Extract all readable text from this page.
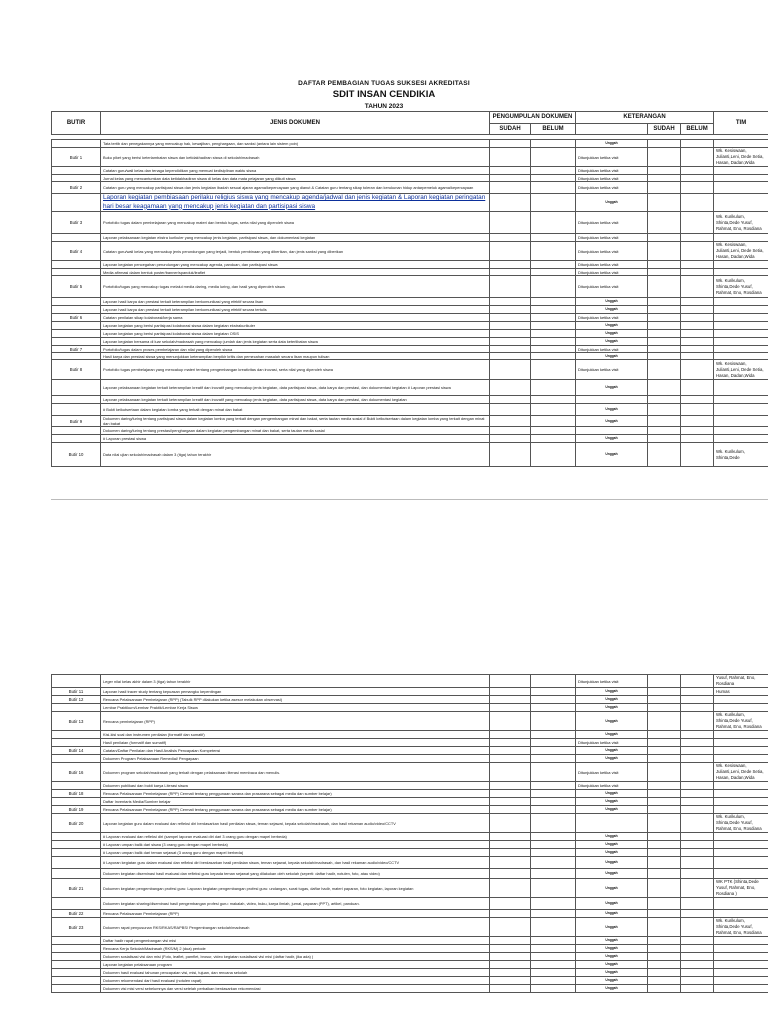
DAFTAR PEMBAGIAN TUGAS SUKSESI AKREDITASI
SDIT INSAN CENDIKIA
TAHUN 2023
BUTIR	JENIS DOKUMEN	PENGUMPULAN DOKUMEN		KETERANGAN			TIM
		SUDAH	BELUM		SUDAH	BELUM	
	Tata tertib dan penegakannya yang mencakup hak, kewajiban, penghargaan, dan sanksi (antara lain sistem poin)			Unggah			
Butir 1	Buku piket yang berisi keterlambatan siswa dan ketidakhadiran siswa di sekolah/madrasah			Ditunjukkan ketika visit			Wk. Kesiswaan, Julianti,Leni, Dede Setia, Hasan, Dadan,Wida
	Catatan guru/wali kelas dan tenaga kependidikan yang memuat kedisiplinan waktu siswa			Ditunjukkan ketika visit			
	Jurnal kelas yang mencantumkan data ketidakhadiran siswa di kelas dan data mata pelajaran yang diikuti siswa			Ditunjukkan ketika visit			
Butir 2	Catatan guru yang mencakup partisipasi siswa dan jenis kegiatan ibadah sesuai ajaran agama/kepercayaan yang dianut & Catatan guru tentang sikap toleran dan kerukunan hidup antarpemeluk agama/kepercayaan			Ditunjukkan ketika visit			
	Laporan kegiatan pembiasaan perilaku religius siswa yang mencakup agenda/jadwal dan jenis kegiatan & Laporan kegiatan peringatan hari besar keagamaan yang mencakup jenis kegiatan dan partisipasi siswa			Unggah			
Butir 3	Portofolio tugas dalam pembelajaran yang mencakup materi dan bentuk tugas, serta nilai yang diperoleh siswa			Ditunjukkan ketika visit			Wk. Kurikulum, Shinta,Dede Yusuf, Rahmat, Eno, Rosdiana
	Laporan pelaksanaan kegiatan ekstra kurikuler yang mencakup jenis kegiatan, partisipasi siswa, dan dokumentasi kegiatan			Ditunjukkan ketika visit			
Butir 4	Catatan guru/wali kelas yang mencakup jenis perundungan yang terjadi, bentuk pembinaan yang diberikan, dan jenis sanksi yang diberikan			Ditunjukkan ketika visit			Wk. Kesiswaan, Julianti,Leni, Dede Setia, Hasan, Dadan,Wida
	Laporan kegiatan pencegahan perundungan yang mencakup agenda, panduan, dan partisipasi siswa			Ditunjukkan ketika visit			
	Media afirmasi dalam bentuk poster/banner/spanduk/leaflet			Ditunjukkan ketika visit			
Butir 5	Portofolio/tugas yang mencakup tugas melalui media daring, media luring, dan hasil yang diperoleh siswa			Ditunjukkan ketika visit			Wk. Kurikulum, Shinta,Dede Yusuf, Rahmat, Eno, Rosdiana
	Laporan hasil karya dan prestasi terkait keterampilan berkomunikasi yang efektif secara lisan			Unggah			
	Laporan hasil karya dan prestasi terkait keterampilan berkomunikasi yang efektif secara tertulis			Unggah			
Butir 6	Catatan penilaian sikap kolaborasi/kerja sama			Ditunjukkan ketika visit			
	Laporan kegiatan yang berisi partisipasi kolaborasi siswa dalam kegiatan ekstrakurikuler			Unggah			
	Laporan kegiatan yang berisi partisipasi kolaborasi siswa dalam kegiatan OSIS			Unggah			
	Laporan kegiatan bersama di luar sekolah/madrasah yang mencakup jumlah dan jenis kegiatan serta data keterlibatan siswa			Unggah			
Butir 7	Portofolio/tugas dalam proses pembelajaran dan nilai yang diperoleh siswa			Ditunjukkan ketika visit			
	Hasil karya dan prestasi siswa yang menunjukkan keterampilan berpikir kritis dan pemecahan masalah secara lisan maupun tulisan			Unggah			
Butir 8	Portofolio tugas pembelajaran yang mencakup materi tentang pengembangan kreativitas dan inovasi, serta nilai yang diperoleh siswa			Ditunjukkan ketika visit			Wk. Kesiswaan, Julianti,Leni, Dede Setia, Hasan, Dadan,Wida
	Laporan pelaksanaan kegiatan terkait keterampilan kreatif dan inovatif yang mencakup jenis kegiatan, data partisipasi siswa, data karya dan prestasi, dan dokumentasi kegiatan # Laporan prestasi siswa			Unggah			
	Laporan pelaksanaan kegiatan terkait keterampilan kreatif dan inovatif yang mencakup jenis kegiatan, data partisipasi siswa, data karya dan prestasi, dan dokumentasi kegiatan						
	# Bukti keikutsertaan dalam kegiatan lomba yang terkait dengan minat dan bakat			Unggah			
Butir 9	Dokumen daring/luring tentang partisipasi siswa dalam kegiatan lomba yang terkait dengan pengembangan minat dan bakat, serta tautan media sosial # Bukti keikutsertaan dalam kegiatan lomba yang terkait dengan minat dan bakat			Unggah			
	Dokumen daring/luring tentang prestasi/penghargaan dalam kegiatan pengembangan minat dan bakat, serta tautan media sosial						
	# Laporan prestasi siswa			Unggah			
Butir 10	Data nilai ujian sekolah/madrasah dalam 3 (tiga) tahun terakhir			Unggah			Wk. Kurikulum, Shinta,Dede
	Leger nilai kelas akhir dalam 3 (tiga) tahun terakhir			Ditunjukkan ketika visit			Yusuf, Rahmat, Eno, Rosdiana
Butir 11	Laporan hasil tracer study tentang kepuasan pemangku kepentingan			Unggah			Humas
Butir 12	Rencana Pelaksanaan Pembelajaran (RPP) (Tabulk RPP dilakukan ketika asesor melakukan observasi)			Unggah			
	Lembar Praktikum/Lembar Praktik/Lembar Kerja Siswa			Unggah			
Butir 13	Rencana pembelajaran (RPP)			Unggah			Wk. Kurikulum, Shinta,Dede Yusuf, Rahmat, Eno, Rosdiana
	Kisi-kisi soal dan instrumen penilaian (formatif dan sumatif)			Unggah			
	Hasil penilaian (formatif dan sumatif)			Ditunjukkan ketika visit			
Butir 14	Catatan/Daftar Penilaian dan Hasil Analisis Pencapaian Kompetensi			Unggah			
	Dokumen Program Pelaksanaan Remedial/ Pengayaan			Unggah			
Butir 16	Dokumen program sekolah/madrasah yang terkait dengan pelaksanaan literasi membaca dan menulis.			Ditunjukkan ketika visit			Wk. Kesiswaan, Julianti,Leni, Dede Setia, Hasan, Dadan,Wida
	Dokumen publikasi dan bukti karya Literasi siswa			Ditunjukkan ketika visit			
Butir 18	Rencana Pelaksanaan Pembelajaran (RPP) Cermati tentang penggunaan sarana dan prasarana sebagai media dan sumber belajar)			Unggah			
	Daftar Inventaris Media/Sumber belajar			Unggah			
Butir 19	Rencana Pelaksanaan Pembelajaran (RPP) Cermati tentang penggunaan sarana dan prasarana sebagai media dan sumber belajar)			Unggah			
Butir 20	Laporan kegiatan guru dalam evaluasi dan refleksi diri berdasarkan hasil penilaian siswa, teman sejawat, kepala sekolah/madrasah, dan hasil rekaman audio/video/CCTV						Wk. Kurikulum, Shinta,Dede Yusuf, Rahmat, Eno, Rosdiana
	# Laporan evaluasi dan refleksi diri (sampel laporan evaluasi diri dari 3 orang guru dengan mapel berbeda)			Unggah			
	# Laporan umpan balik dari siswa (3 orang guru dengan mapel berbeda)			Unggah			
	# Laporan umpan balik dari teman sejawat (3 orang guru dengan mapel berbeda)			Unggah			
	# Laporan kegiatan guru dalam evaluasi dan refleksi diri berdasarkan hasil penilaian siswa, teman sejawat, kepala sekolah/madrasah, dan hasil rekaman audio/video/CCTV			Unggah			
	Dokumen kegiatan diseminasi hasil evaluasi dan refleksi guru kepada teman sejawat yang dilakukan oleh sekolah (seperti: daftar hadir, notulen, foto, atau video)			Unggah			
Butir 21	Dokumen kegiatan pengembangan profesi guru: Laporan kegiatan pengembangan profesi guru: undangan, surat tugas, daftar hadir, materi paparan, foto kegiatan, laporan kegiatan			Unggah			WK PTK (Shinta,Dede Yusuf, Rahmat, Eno, Rosdiana )
	Dokumen kegiatan sharing/diseminasi hasil pengembangan profesi guru: makalah, video, buku, karya ilmiah, jurnal, paparan (PPT), artikel, panduan.			Unggah			
Butir 22	Rencana Pelaksanaan Pembelajaran (RPP)			Unggah			
Butir 23	Dokumen rapat penyusunan RKS/RKAS/RAPBS/ Pengembangan sekolah/madrasah			Unggah			Wk. Kurikulum, Shinta,Dede Yusuf, Rahmat, Eno, Rosdiana
	Daftar hadir rapat pengembangan visi misi			Unggah			
	Rencana Kerja Sekolah/Madrasah (RKS/M) 2 (dua) periode			Unggah			
	Dokumen sosialisasi visi dan misi (Foto, leaflet, pamflet, brosur, video kegiatan sosialisasi visi misi (daftar hadir, jika ada) )			Unggah			
	Laporan kegiatan pelaksanaan program			Unggah			
	Dokumen hasil evaluasi tahunan pencapaian visi, misi, tujuan, dan rencana sekolah			Unggah			
	Dokumen rekomendasi dari hasil evaluasi (notulen rapat)			Unggah			
	Dokumen visi misi versi sebelumnya dan versi setelah perbaikan berdasarkan rekomendasi			Unggah			
